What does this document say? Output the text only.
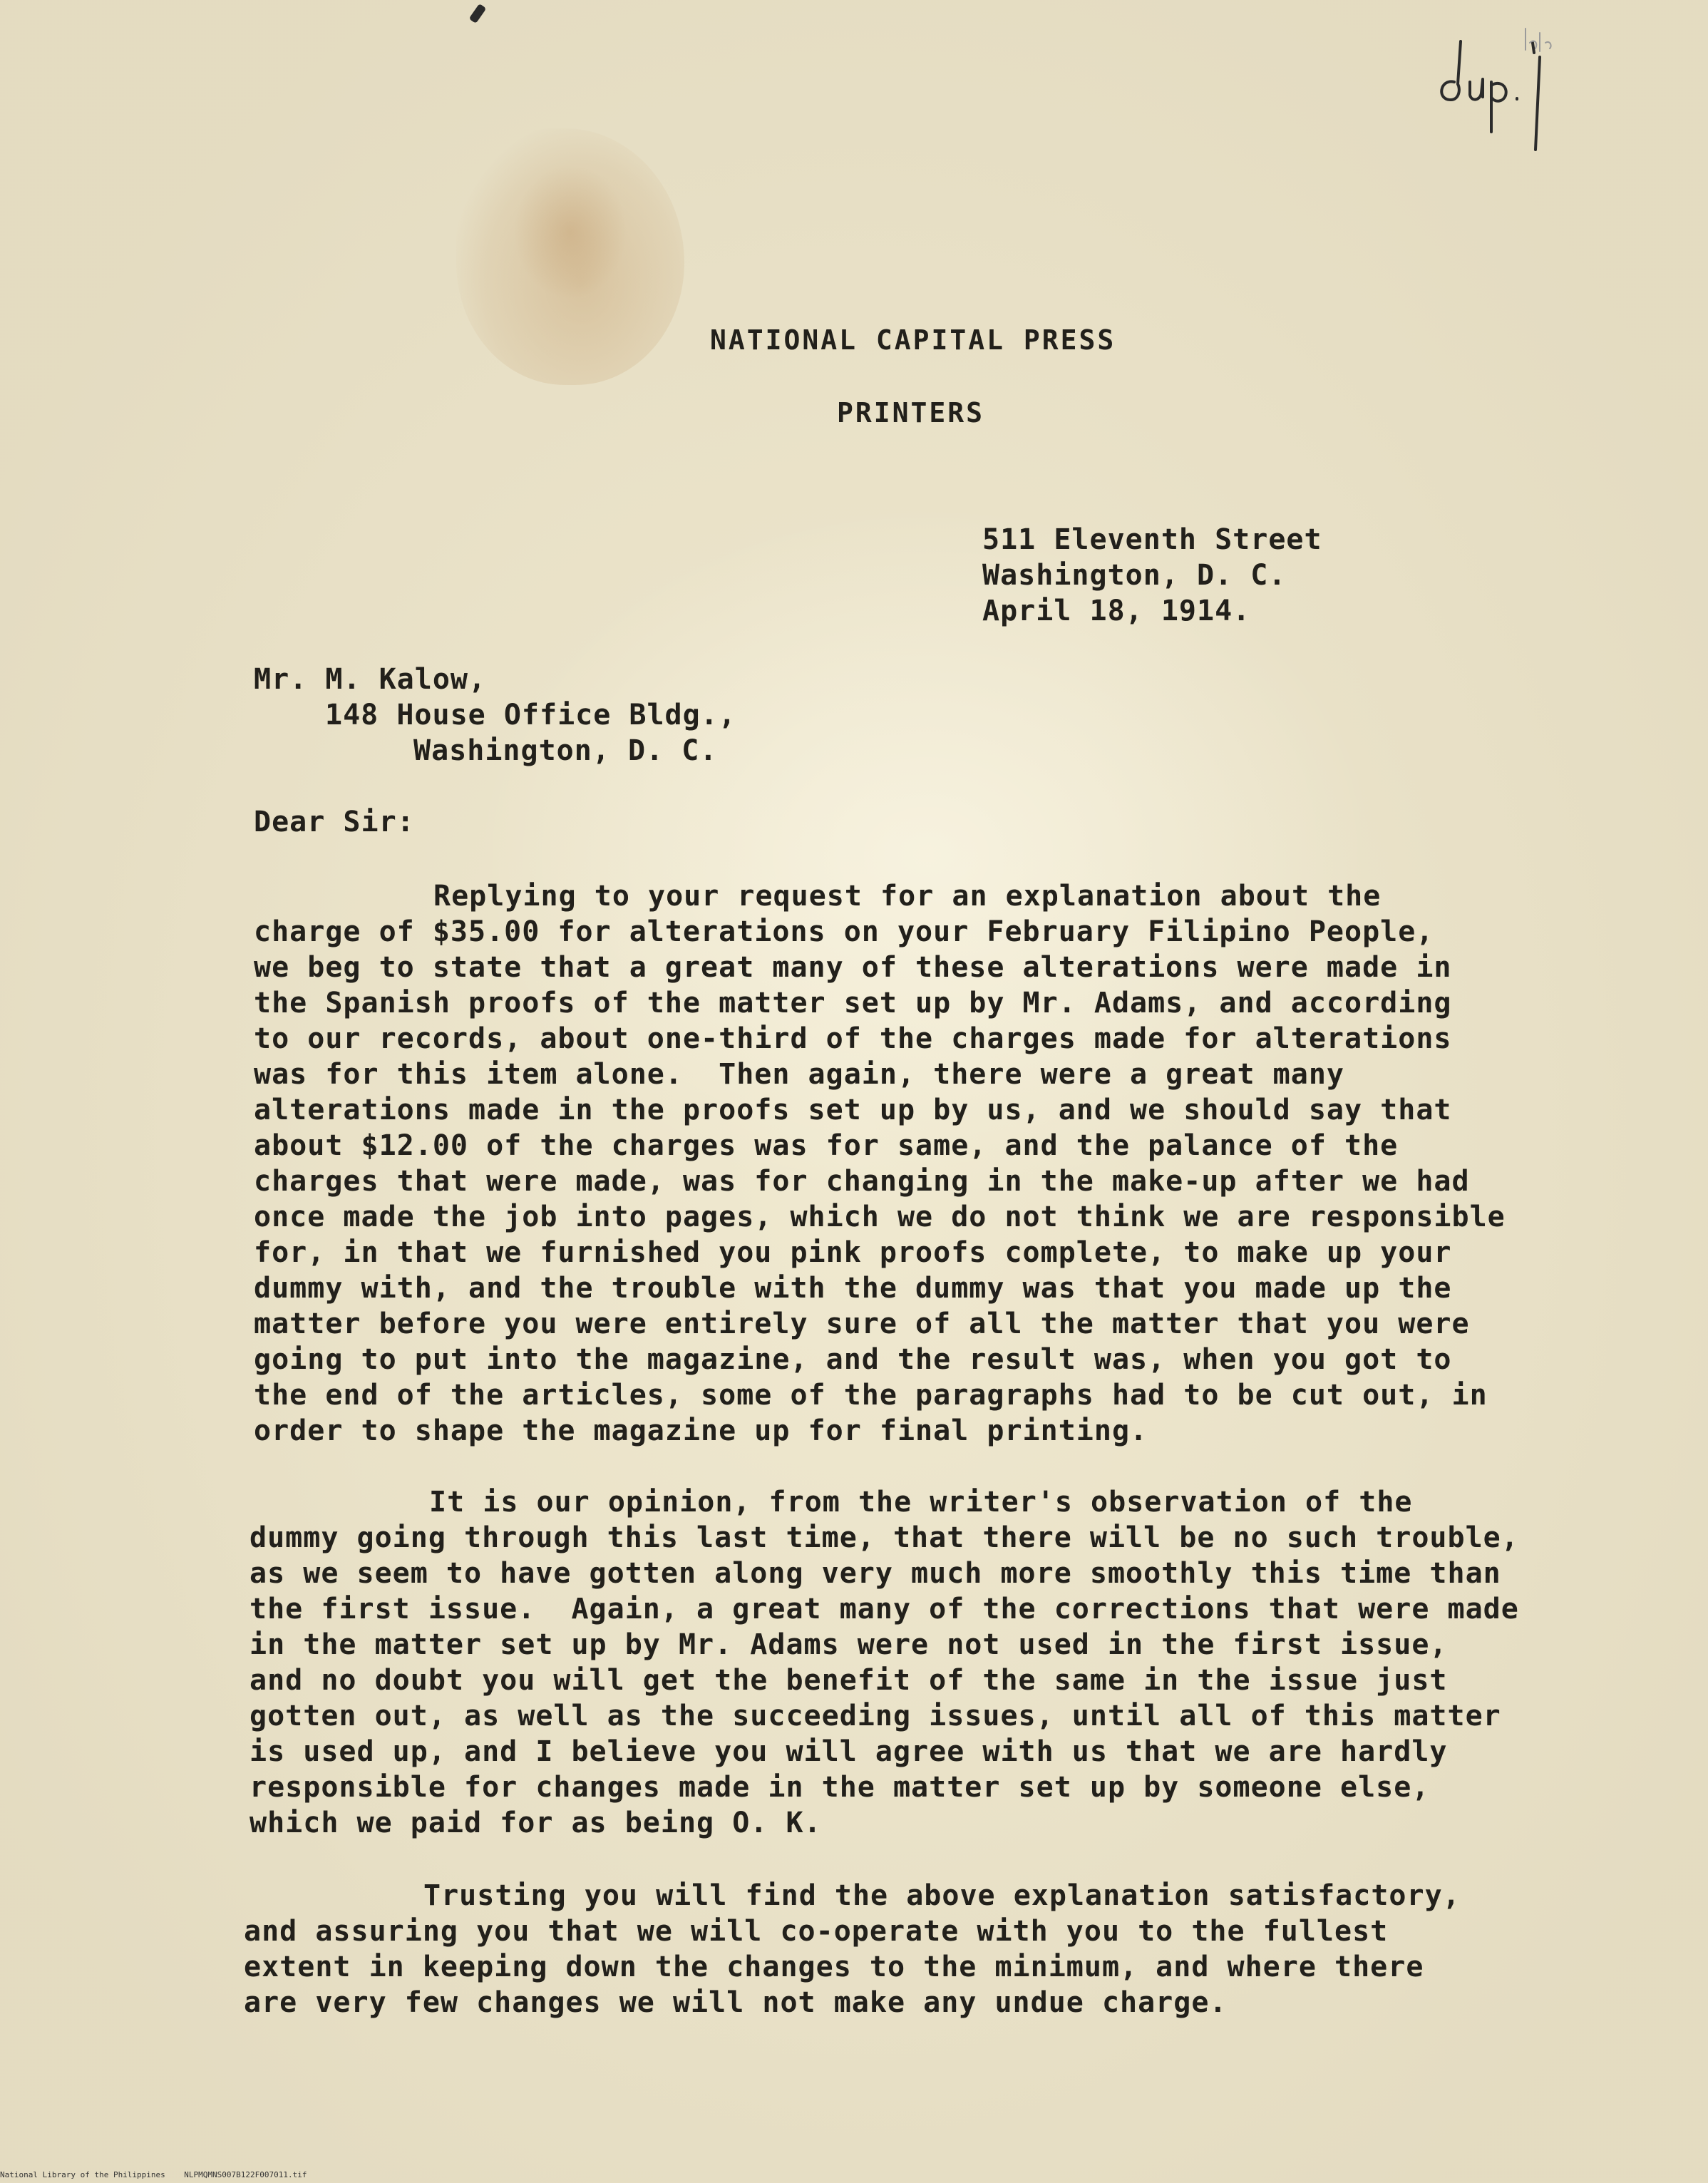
NATIONAL CAPITAL PRESS
PRINTERS
511 Eleventh Street
Washington, D. C.
April 18, 1914.
Mr. M. Kalow,
148 House Office Bldg.,
Washington, D. C.
Dear Sir:
Replying to your request for an explanation about the
charge of $35.00 for alterations on your February Filipino People,
we beg to state that a great many of these alterations were made in
the Spanish proofs of the matter set up by Mr. Adams, and according
to our records, about one-third of the charges made for alterations
was for this item alone.  Then again, there were a great many
alterations made in the proofs set up by us, and we should say that
about $12.00 of the charges was for same, and the palance of the
charges that were made, was for changing in the make-up after we had
once made the job into pages, which we do not think we are responsible
for, in that we furnished you pink proofs complete, to make up your
dummy with, and the trouble with the dummy was that you made up the
matter before you were entirely sure of all the matter that you were
going to put into the magazine, and the result was, when you got to
the end of the articles, some of the paragraphs had to be cut out, in
order to shape the magazine up for final printing.
It is our opinion, from the writer's observation of the
dummy going through this last time, that there will be no such trouble,
as we seem to have gotten along very much more smoothly this time than
the first issue.  Again, a great many of the corrections that were made
in the matter set up by Mr. Adams were not used in the first issue,
and no doubt you will get the benefit of the same in the issue just
gotten out, as well as the succeeding issues, until all of this matter
is used up, and I believe you will agree with us that we are hardly
responsible for changes made in the matter set up by someone else,
which we paid for as being O. K.
Trusting you will find the above explanation satisfactory,
and assuring you that we will co-operate with you to the fullest
extent in keeping down the changes to the minimum, and where there
are very few changes we will not make any undue charge.
National Library of the Philippines    NLPMQMNS007B122F007011.tif
